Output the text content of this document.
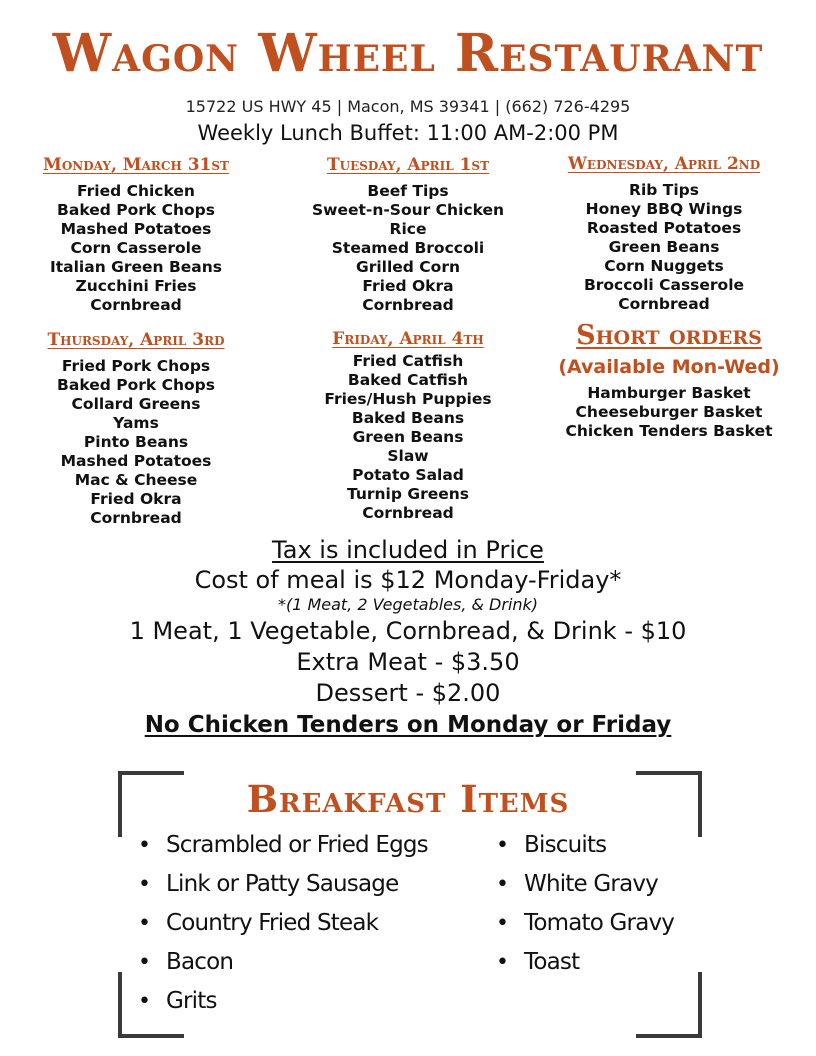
Wagon Wheel Restaurant
15722 US HWY 45 | Macon, MS 39341 | (662) 726-4295
Weekly Lunch Buffet: 11:00 AM-2:00 PM
Monday, March 31st
Fried Chicken
Baked Pork Chops
Mashed Potatoes
Corn Casserole
Italian Green Beans
Zucchini Fries
Cornbread
Tuesday, April 1st
Beef Tips
Sweet-n-Sour Chicken
Rice
Steamed Broccoli
Grilled Corn
Fried Okra
Cornbread
Wednesday, April 2nd
Rib Tips
Honey BBQ Wings
Roasted Potatoes
Green Beans
Corn Nuggets
Broccoli Casserole
Cornbread
Thursday, April 3rd
Fried Pork Chops
Baked Pork Chops
Collard Greens
Yams
Pinto Beans
Mashed Potatoes
Mac & Cheese
Fried Okra
Cornbread
Friday, April 4th
Fried Catfish
Baked Catfish
Fries/Hush Puppies
Baked Beans
Green Beans
Slaw
Potato Salad
Turnip Greens
Cornbread
Short orders
(Available Mon-Wed)
Hamburger Basket
Cheeseburger Basket
Chicken Tenders Basket
Tax is included in Price
Cost of meal is $12 Monday-Friday*
*(1 Meat, 2 Vegetables, & Drink)
1 Meat, 1 Vegetable, Cornbread, & Drink - $10
Extra Meat - $3.50
Dessert - $2.00
No Chicken Tenders on Monday or Friday
Breakfast Items
• Scrambled or Fried Eggs
• Link or Patty Sausage
• Country Fried Steak
• Bacon
• Grits
• Biscuits
• White Gravy
• Tomato Gravy
• Toast
